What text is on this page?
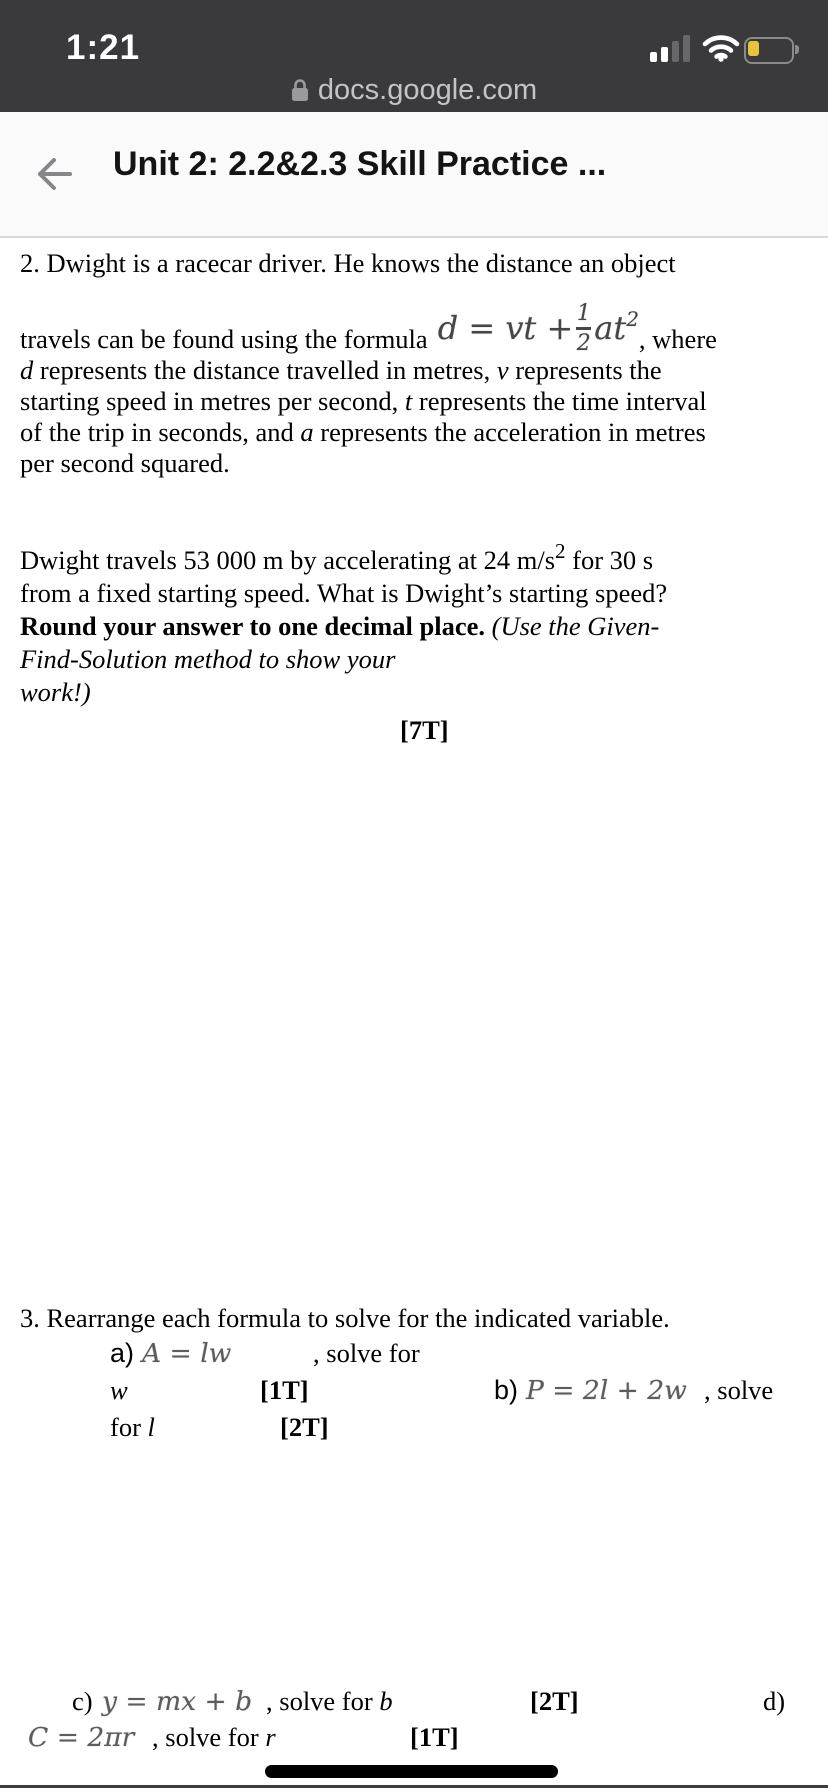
1:21
docs.google.com
Unit 2: 2.2&2.3 Skill Practice ...
2. Dwight is a racecar driver. He knows the distance an object
travels can be found using the formula d = vt + $\frac{1}{2} at^2$
, where
d represents the distance travelled in metres, v represents the
starting speed in metres per second, t represents the time interval
of the trip in seconds, and a represents the acceleration in metres
per second squared.
Dwight travels 53 000 m by accelerating at 24 $m/s^2$ for 30 s
from a fixed starting speed. What is Dwight’s starting speed?
Round your answer to one decimal place. (Use the Given-
Find-Solution method to show your
work!)
[7T]
3. Rearrange each formula to solve for the indicated variable.
a) A = lw	, solve for
w	[1T]	b) P = 2l + 2w , solve
for l	[2T]
c) y = mx + b , solve for b	[2T]	d)
C = 2πr , solve for r	[1T]
